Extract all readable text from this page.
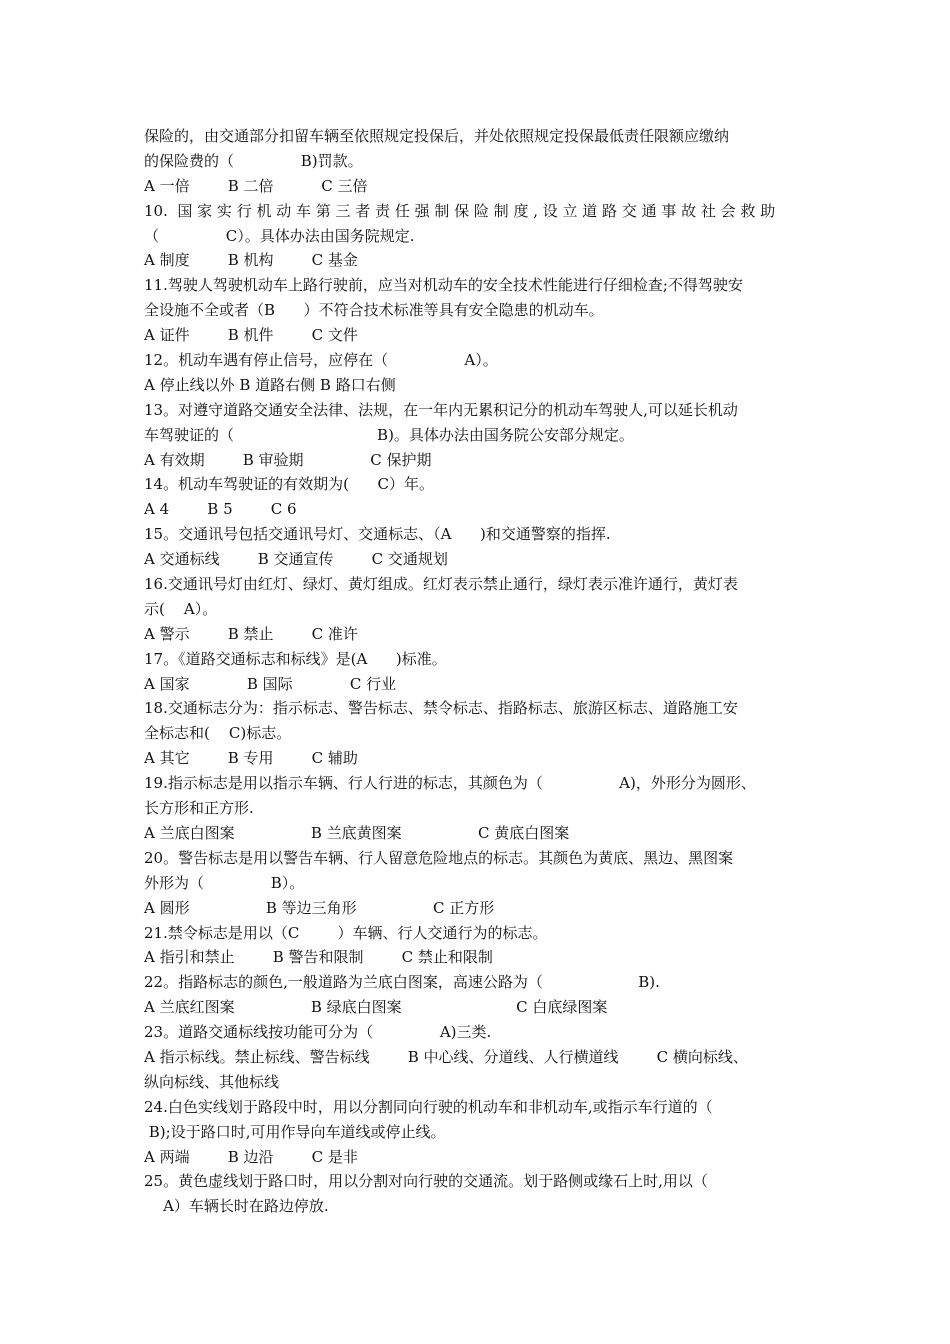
保险的，由交通部分扣留车辆至依照规定投保后，并处依照规定投保最低责任限额应缴纳
的保险费的（              B)罚款。
A 一倍        B 二倍          C 三倍
10.  国 家 实 行 机 动 车 第 三 者 责 任 强 制 保 险 制 度 , 设 立 道 路 交 通 事 故 社 会 救 助
（              C）。具体办法由国务院规定.
A 制度        B 机构        C 基金
11.驾驶人驾驶机动车上路行驶前，应当对机动车的安全技术性能进行仔细检查;不得驾驶安
全设施不全或者（B      ）不符合技术标准等具有安全隐患的机动车。
A 证件        B 机件        C 文件
12。机动车遇有停止信号，应停在（                A）。
A 停止线以外 B 道路右侧 B 路口右侧
13。对遵守道路交通安全法律、法规，在一年内无累积记分的机动车驾驶人,可以延长机动
车驾驶证的（                              B)。具体办法由国务院公安部分规定。
A 有效期        B 审验期              C 保护期
14。机动车驾驶证的有效期为(      C）年。
A 4        B 5        C 6
15。交通讯号包括交通讯号灯、交通标志、（A      )和交通警察的指挥.
A 交通标线        B 交通宣传        C 交通规划
16.交通讯号灯由红灯、绿灯、黄灯组成。红灯表示禁止通行，绿灯表示准许通行，黄灯表
示(    A）。
A 警示        B 禁止        C 准许
17。《道路交通标志和标线》是(A      )标准。
A 国家            B 国际            C 行业
18.交通标志分为：指示标志、警告标志、禁令标志、指路标志、旅游区标志、道路施工安
全标志和(    C)标志。
A 其它        B 专用        C 辅助
19.指示标志是用以指示车辆、行人行进的标志，其颜色为（                A)，外形分为圆形、
长方形和正方形.
A 兰底白图案                B 兰底黄图案                C 黄底白图案
20。警告标志是用以警告车辆、行人留意危险地点的标志。其颜色为黄底、黑边、黑图案
外形为（              B）。
A 圆形                B 等边三角形                C 正方形
21.禁令标志是用以（C        ）车辆、行人交通行为的标志。
A 指引和禁止        B 警告和限制        C 禁止和限制
22。指路标志的颜色,一般道路为兰底白图案，高速公路为（                    B).
A 兰底红图案                B 绿底白图案                        C 白底绿图案
23。道路交通标线按功能可分为（              A)三类.
A 指示标线。禁止标线、警告标线        B 中心线、分道线、人行横道线        C 横向标线、
纵向标线、其他标线
24.白色实线划于路段中时，用以分割同向行驶的机动车和非机动车,或指示车行道的（
B);设于路口时,可用作导向车道线或停止线。
A 两端        B 边沿        C 是非
25。黄色虚线划于路口时，用以分割对向行驶的交通流。划于路侧或缘石上时,用以（
A）车辆长时在路边停放.
